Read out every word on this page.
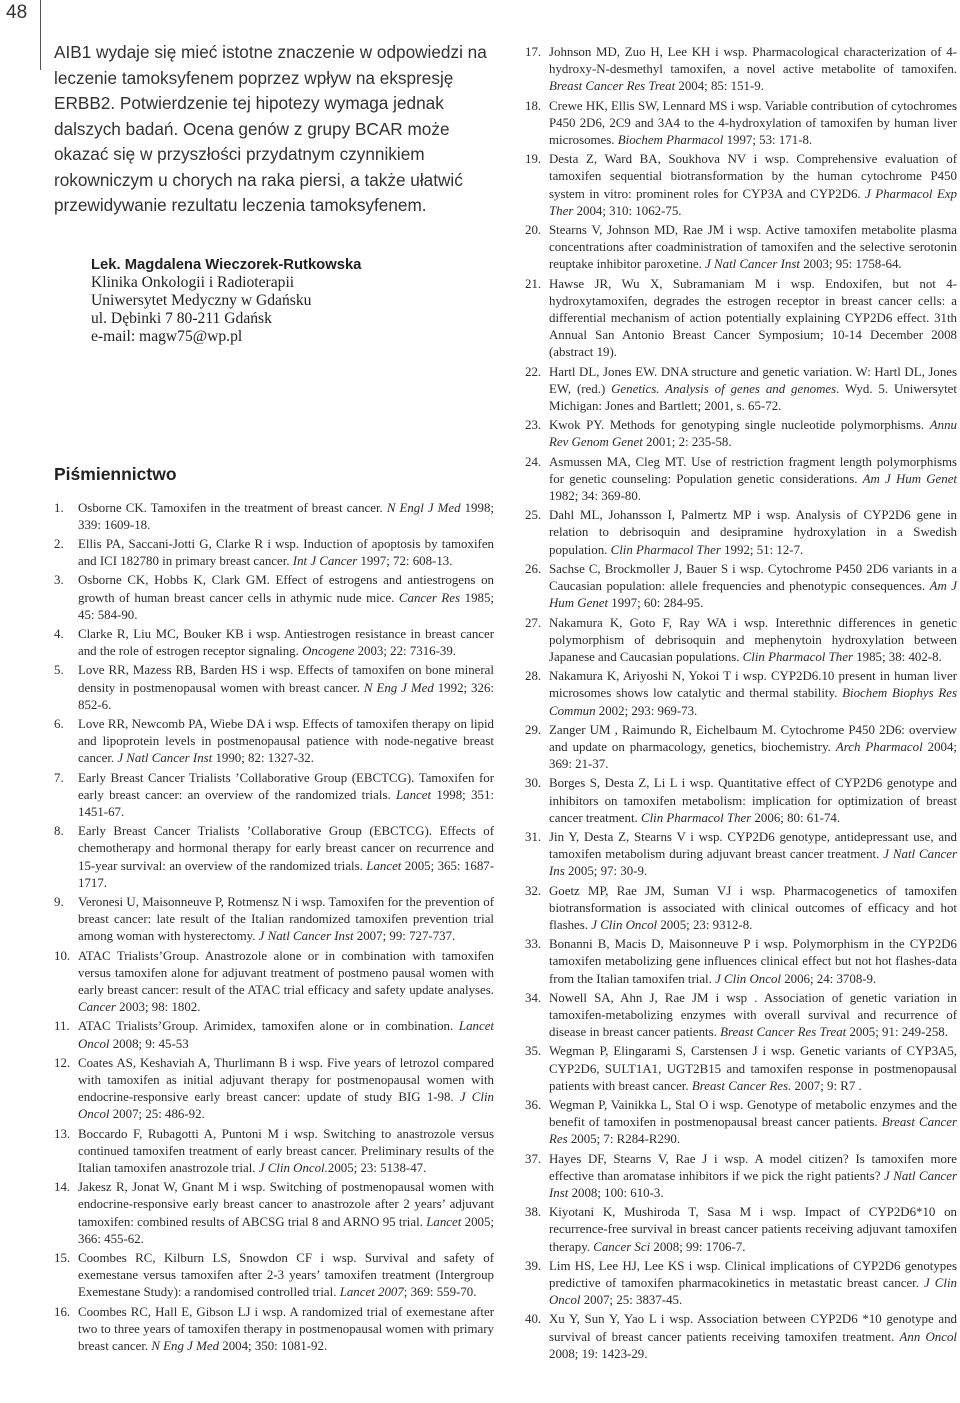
48

AIB1 wydaje się mieć istotne znaczenie w odpowiedzi na leczenie tamoksyfenem poprzez wpływ na ekspresję ERBB2. Potwierdzenie tej hipotezy wymaga jednak dalszych badań. Ocena genów z grupy BCAR może okazać się w przyszłości przydatnym czynnikiem rokowniczym u chorych na raka piersi, a także ułatwić przewidywanie rezultatu leczenia tamoksyfenem.

Lek. Magdalena Wieczorek-Rutkowska
Klinika Onkologii i Radioterapii
Uniwersytet Medyczny w Gdańsku
ul. Dębinki 7 80-211 Gdańsk
e-mail: magw75@wp.pl
Piśmiennictwo
1.	Osborne CK. Tamoxifen in the treatment of breast cancer. N Engl J Med 1998; 339: 1609-18.
2.	Ellis PA, Saccani-Jotti G, Clarke R i wsp. Induction of apoptosis by tamoxifen and ICI 182780 in primary breast cancer. Int J Cancer 1997; 72: 608-13.
3.	Osborne CK, Hobbs K, Clark GM. Effect of estrogens and antiestrogens on growth of human breast cancer cells in athymic nude mice. Cancer Res 1985; 45: 584-90.
4.	Clarke R, Liu MC, Bouker KB i wsp. Antiestrogen resistance in breast cancer and the role of estrogen receptor signaling. Oncogene 2003; 22: 7316-39.
5.	Love RR, Mazess RB, Barden HS i wsp. Effects of tamoxifen on bone mineral density in postmenopausal women with breast cancer. N Eng J Med 1992; 326: 852-6.
6.	Love RR, Newcomb PA, Wiebe DA i wsp. Effects of tamoxifen therapy on lipid and lipoprotein levels in postmenopausal patience with node-negative breast cancer. J Natl Cancer Inst 1990; 82: 1327-32.
7.	Early Breast Cancer Trialists ’Collaborative Group (EBCTCG). Tamoxifen for early breast cancer: an overview of the randomized trials. Lancet 1998; 351: 1451-67.
8.	Early Breast Cancer Trialists ’Collaborative Group (EBCTCG). Effects of chemotherapy and hormonal therapy for early breast cancer on recurrence and 15-year survival: an overview of the randomized trials. Lancet 2005; 365: 1687-1717.
9.	Veronesi U, Maisonneuve P, Rotmensz N i wsp. Tamoxifen for the prevention of breast cancer: late result of the Italian randomized tamoxifen prevention trial among woman with hysterectomy. J Natl Cancer Inst 2007; 99: 727-737.
10. ATAC Trialists’Group. Anastrozole alone or in combination with tamoxifen versus tamoxifen alone for adjuvant treatment of postmeno pausal women with early breast cancer: result of the ATAC trial efficacy and safety update analyses. Cancer 2003; 98: 1802.
11. ATAC Trialists’Group. Arimidex, tamoxifen alone or in combination. Lancet Oncol 2008; 9: 45-53
12. Coates AS, Keshaviah A, Thurlimann B i wsp. Five years of letrozol compared with tamoxifen as initial adjuvant therapy for postmenopausal women with endocrine-responsive early breast cancer: update of study BIG 1-98. J Clin Oncol 2007; 25: 486-92.
13. Boccardo F, Rubagotti A, Puntoni M i wsp. Switching to anastrozole versus continued tamoxifen treatment of early breast cancer. Preliminary results of the Italian tamoxifen anastrozole trial. J Clin Oncol.2005; 23: 5138-47.
14. Jakesz R, Jonat W, Gnant M i wsp. Switching of postmenopausal women with endocrine-responsive early breast cancer to anastrozole after 2 years’ adjuvant tamoxifen: combined results of ABCSG trial 8 and ARNO 95 trial. Lancet 2005; 366: 455-62.
15. Coombes RC, Kilburn LS, Snowdon CF i wsp. Survival and safety of exemestane versus tamoxifen after 2-3 years’ tamoxifen treatment (Intergroup Exemestane Study): a randomised controlled trial. Lancet 2007; 369: 559-70.
16. Coombes RC, Hall E, Gibson LJ i wsp. A randomized trial of exemestane after two to three years of tamoxifen therapy in postmenopausal women with primary breast cancer. N Eng J Med 2004; 350: 1081-92.
17. Johnson MD, Zuo H, Lee KH i wsp. Pharmacological characterization of 4-hydroxy-N-desmethyl tamoxifen, a novel active metabolite of tamoxifen. Breast Cancer Res Treat 2004; 85: 151-9.
18. Crewe HK, Ellis SW, Lennard MS i wsp. Variable contribution of cytochromes P450 2D6, 2C9 and 3A4 to the 4-hydroxylation of tamoxifen by human liver microsomes. Biochem Pharmacol 1997; 53: 171-8.
19. Desta Z, Ward BA, Soukhova NV i wsp. Comprehensive evaluation of tamoxifen sequential biotransformation by the human cytochrome P450 system in vitro: prominent roles for CYP3A and CYP2D6. J Pharmacol Exp Ther 2004; 310: 1062-75.
20. Stearns V, Johnson MD, Rae JM i wsp. Active tamoxifen metabolite plasma concentrations after coadministration of tamoxifen and the selective serotonin reuptake inhibitor paroxetine. J Natl Cancer Inst 2003; 95: 1758-64.
21. Hawse JR, Wu X, Subramaniam M i wsp. Endoxifen, but not 4-hydroxytamoxifen, degrades the estrogen receptor in breast cancer cells: a differential mechanism of action potentially explaining CYP2D6 effect. 31th Annual San Antonio Breast Cancer Symposium; 10-14 December 2008 (abstract 19).
22. Hartl DL, Jones EW. DNA structure and genetic variation. W: Hartl DL, Jones EW, (red.) Genetics. Analysis of genes and genomes. Wyd. 5. Uniwersytet Michigan: Jones and Bartlett; 2001, s. 65-72.
23. Kwok PY. Methods for genotyping single nucleotide polymorphisms. Annu Rev Genom Genet 2001; 2: 235-58.
24. Asmussen MA, Cleg MT. Use of restriction fragment length polymorphisms for genetic counseling: Population genetic considerations. Am J Hum Genet 1982; 34: 369-80.
25. Dahl ML, Johansson I, Palmertz MP i wsp. Analysis of CYP2D6 gene in relation to debrisoquin and desipramine hydroxylation in a Swedish population. Clin Pharmacol Ther 1992; 51: 12-7.
26. Sachse C, Brockmoller J, Bauer S i wsp. Cytochrome P450 2D6 variants in a Caucasian population: allele frequencies and phenotypic consequences. Am J Hum Genet 1997; 60: 284-95.
27. Nakamura K, Goto F, Ray WA i wsp. Interethnic differences in genetic polymorphism of debrisoquin and mephenytoin hydroxylation between Japanese and Caucasian populations. Clin Pharmacol Ther 1985; 38: 402-8.
28. Nakamura K, Ariyoshi N, Yokoi T i wsp. CYP2D6.10 present in human liver microsomes shows low catalytic and thermal stability. Biochem Biophys Res Commun 2002; 293: 969-73.
29. Zanger UM , Raimundo R, Eichelbaum M. Cytochrome P450 2D6: overview and update on pharmacology, genetics, biochemistry. Arch Pharmacol 2004; 369: 21-37.
30. Borges S, Desta Z, Li L i wsp. Quantitative effect of CYP2D6 genotype and inhibitors on tamoxifen metabolism: implication for optimization of breast cancer treatment. Clin Pharmacol Ther 2006; 80: 61-74.
31. Jin Y, Desta Z, Stearns V i wsp. CYP2D6 genotype, antidepressant use, and tamoxifen metabolism during adjuvant breast cancer treatment. J Natl Cancer Ins 2005; 97: 30-9.
32. Goetz MP, Rae JM, Suman VJ i wsp. Pharmacogenetics of tamoxifen biotransformation is associated with clinical outcomes of efficacy and hot flashes. J Clin Oncol 2005; 23: 9312-8.
33. Bonanni B, Macis D, Maisonneuve P i wsp. Polymorphism in the CYP2D6 tamoxifen metabolizing gene influences clinical effect but not hot flashes-data from the Italian tamoxifen trial. J Clin Oncol 2006; 24: 3708-9.
34. Nowell SA, Ahn J, Rae JM i wsp . Association of genetic variation in tamoxifen-metabolizing enzymes with overall survival and recurrence of disease in breast cancer patients. Breast Cancer Res Treat 2005; 91: 249-258.
35. Wegman P, Elingarami S, Carstensen J i wsp. Genetic variants of CYP3A5, CYP2D6, SULT1A1, UGT2B15 and tamoxifen response in postmenopausal patients with breast cancer. Breast Cancer Res. 2007; 9: R7 .
36. Wegman P, Vainikka L, Stal O i wsp. Genotype of metabolic enzymes and the benefit of tamoxifen in postmenopausal breast cancer patients. Breast Cancer Res 2005; 7: R284-R290.
37. Hayes DF, Stearns V, Rae J i wsp. A model citizen? Is tamoxifen more effective than aromatase inhibitors if we pick the right patients? J Natl Cancer Inst 2008; 100: 610-3.
38. Kiyotani K, Mushiroda T, Sasa M i wsp. Impact of CYP2D6*10 on recurrence-free survival in breast cancer patients receiving adjuvant tamoxifen therapy. Cancer Sci 2008; 99: 1706-7.
39. Lim HS, Lee HJ, Lee KS i wsp. Clinical implications of CYP2D6 genotypes predictive of tamoxifen pharmacokinetics in metastatic breast cancer. J Clin Oncol 2007; 25: 3837-45.
40. Xu Y, Sun Y, Yao L i wsp. Association between CYP2D6 *10 genotype and survival of breast cancer patients receiving tamoxifen treatment. Ann Oncol 2008; 19: 1423-29.
